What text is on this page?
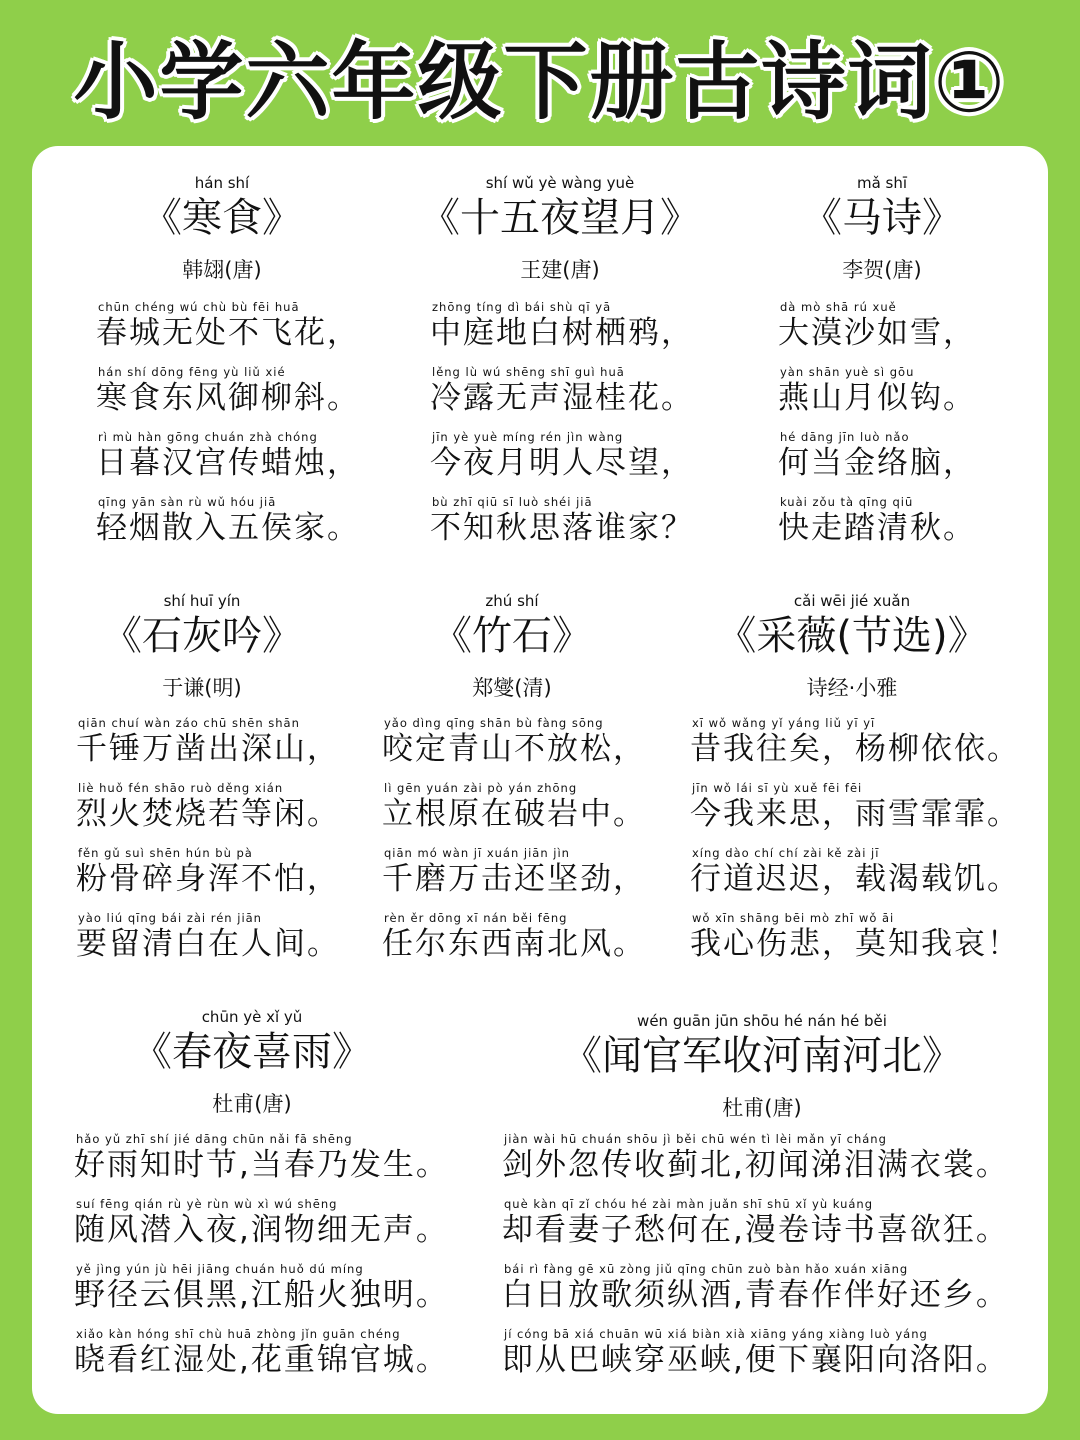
小学六年级下册古诗词①
hán shí
《寒食》
韩翃(唐)
chūn chéng wú chù bù fēi huā
春城无处不飞花，
hán shí dōng fēng yù liǔ xié
寒食东风御柳斜。
rì mù hàn gōng chuán zhà chóng
日暮汉宫传蜡烛，
qīng yān sàn rù wǔ hóu jiā
轻烟散入五侯家。
shí wǔ yè wàng yuè
《十五夜望月》
王建(唐)
zhōng tíng dì bái shù qī yā
中庭地白树栖鸦，
lěng lù wú shēng shī guì huā
冷露无声湿桂花。
jīn yè yuè míng rén jìn wàng
今夜月明人尽望，
bù zhī qiū sī luò shéi jiā
不知秋思落谁家？
mǎ shī
《马诗》
李贺(唐)
dà mò shā rú xuě
大漠沙如雪，
yàn shān yuè sì gōu
燕山月似钩。
hé dāng jīn luò nǎo
何当金络脑，
kuài zǒu tà qīng qiū
快走踏清秋。
shí huī yín
《石灰吟》
于谦(明)
qiān chuí wàn záo chū shēn shān
千锤万凿出深山，
liè huǒ fén shāo ruò děng xián
烈火焚烧若等闲。
fěn gǔ suì shēn hún bù pà
粉骨碎身浑不怕，
yào liú qīng bái zài rén jiān
要留清白在人间。
zhú shí
《竹石》
郑燮(清)
yǎo dìng qīng shān bù fàng sōng
咬定青山不放松，
lì gēn yuán zài pò yán zhōng
立根原在破岩中。
qiān mó wàn jī xuán jiān jìn
千磨万击还坚劲，
rèn ěr dōng xī nán běi fēng
任尔东西南北风。
cǎi wēi jié xuǎn
《采薇(节选)》
诗经·小雅
xī wǒ wǎng yǐ yáng liǔ yī yī
昔我往矣，杨柳依依。
jīn wǒ lái sī yù xuě fēi fēi
今我来思，雨雪霏霏。
xíng dào chí chí zài kě zài jī
行道迟迟，载渴载饥。
wǒ xīn shāng bēi mò zhī wǒ āi
我心伤悲，莫知我哀！
chūn yè xǐ yǔ
《春夜喜雨》
杜甫(唐)
hǎo yǔ zhī shí jié dāng chūn nǎi fā shēng
好雨知时节,当春乃发生。
suí fēng qián rù yè rùn wù xì wú shēng
随风潜入夜,润物细无声。
yě jìng yún jù hēi jiāng chuán huǒ dú míng
野径云俱黑,江船火独明。
xiǎo kàn hóng shī chù huā zhòng jǐn guān chéng
晓看红湿处,花重锦官城。
wén guān jūn shōu hé nán hé běi
《闻官军收河南河北》
杜甫(唐)
jiàn wài hū chuán shōu jì běi chū wén tì lèi mǎn yī cháng
剑外忽传收蓟北,初闻涕泪满衣裳。
què kàn qī zǐ chóu hé zài màn juǎn shī shū xǐ yù kuáng
却看妻子愁何在,漫卷诗书喜欲狂。
bái rì fàng gē xū zòng jiǔ qīng chūn zuò bàn hǎo xuán xiāng
白日放歌须纵酒,青春作伴好还乡。
jí cóng bā xiá chuān wū xiá biàn xià xiāng yáng xiàng luò yáng
即从巴峡穿巫峡,便下襄阳向洛阳。
